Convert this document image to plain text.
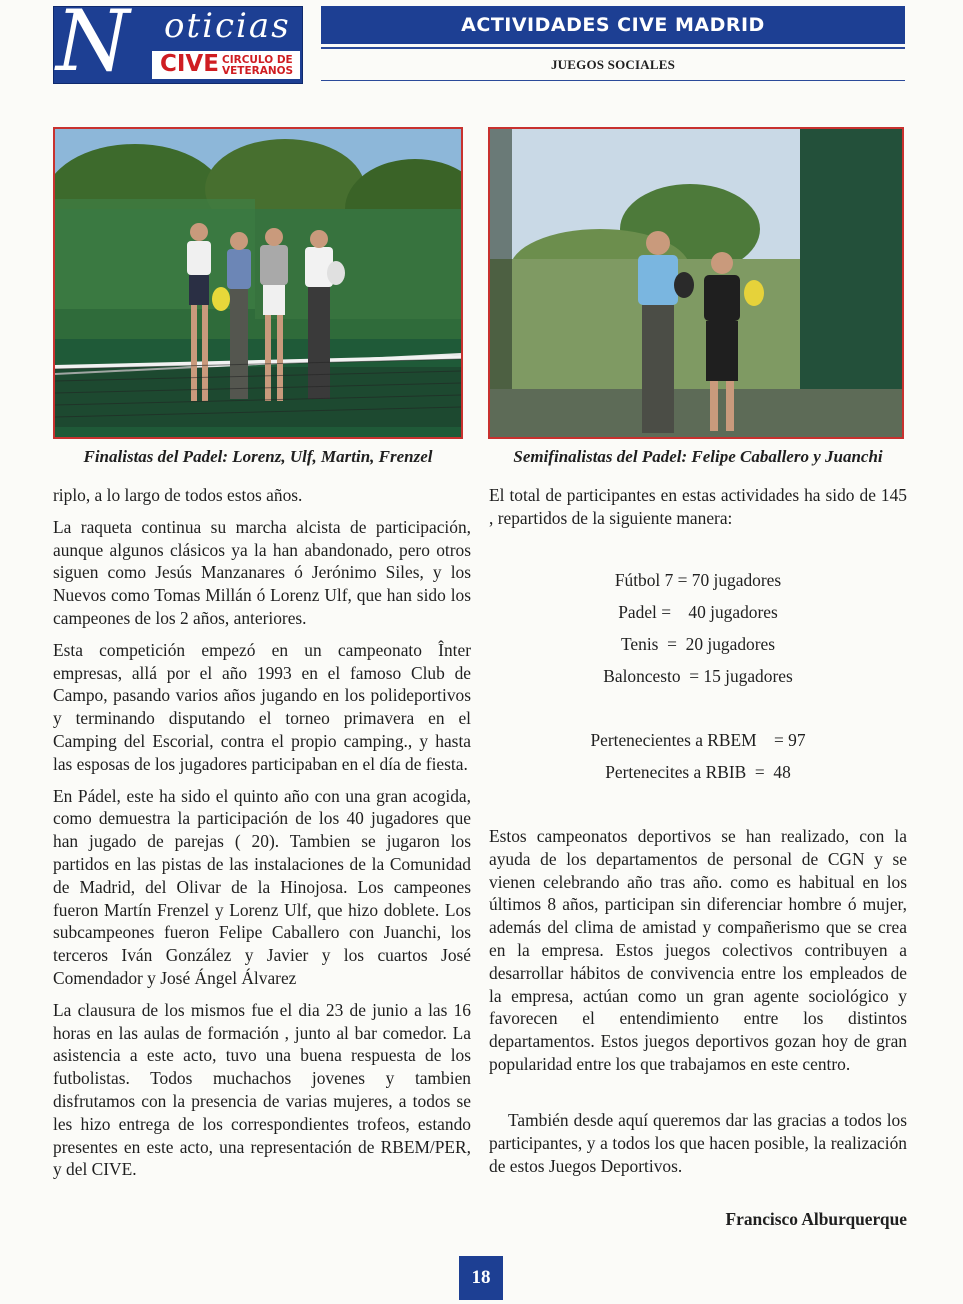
N oticias
CIVE CIRCULO DE
VETERANOS
ACTIVIDADES CIVE MADRID
JUEGOS SOCIALES
Finalistas del Padel: Lorenz, Ulf, Martin, Frenzel	Semifinalistas del Padel: Felipe Caballero y Juanchi
riplo, a lo largo de todos estos años.
La raqueta continua su marcha alcista de participación, aunque algunos clásicos ya la han abandonado, pero otros siguen como Jesús Manzanares ó Jerónimo Siles, y los Nuevos como Tomas Millán ó Lorenz Ulf, que han sido los campeones de los 2 años, anteriores.
Esta competición empezó en un campeonato Înter empresas, allá por el año 1993 en el famoso Club de Campo, pasando varios años jugando en los polideportivos y terminando disputando el torneo primavera en el Camping del Escorial, contra el propio camping., y hasta las esposas de los jugadores participaban en el día de fiesta.
En Pádel, este ha sido el quinto año con una gran acogida, como demuestra la participación de los 40 jugadores que han jugado de parejas ( 20). Tambien se jugaron los partidos en las pistas de las instalaciones de la Comunidad de Madrid, del Olivar de la Hinojosa. Los campeones fueron Martín Frenzel y Lorenz Ulf, que hizo doblete. Los subcampeones fueron Felipe Caballero con Juanchi, los terceros Iván González y Javier y los cuartos José Comendador y José Ángel Álvarez
La clausura de los mismos fue el dia 23 de junio a las 16 horas en las aulas de formación , junto al bar comedor. La asistencia a este acto, tuvo una buena respuesta de los futbolistas. Todos muchachos jovenes y tambien disfrutamos con la presencia de varias mujeres, a todos se les hizo entrega de los correspondientes trofeos, estando presentes en este acto, una representación de RBEM/PER, y del CIVE.
El total de participantes en estas actividades ha sido de 145 , repartidos de la siguiente manera:
Fútbol 7 = 70 jugadores
Padel =    40 jugadores
Tenis  =  20 jugadores
Baloncesto  = 15 jugadores
Pertenecientes a RBEM    = 97
Pertenecites a RBIB  =  48
Estos campeonatos deportivos se han realizado, con la ayuda de los departamentos de personal de CGN y se vienen celebrando año tras año. como es habitual en los últimos 8 años, participan sin diferenciar hombre ó mujer, además del clima de amistad y compañerismo que se crea en la empresa. Estos juegos colectivos contribuyen a desarrollar hábitos de convivencia entre los empleados de la empresa, actúan como un gran agente sociológico y favorecen el entendimiento entre los distintos departamentos. Estos juegos deportivos gozan hoy de gran popularidad entre los que trabajamos en este centro.
También desde aquí queremos dar las gracias a todos los participantes, y a todos los que hacen posible, la realización de estos Juegos Deportivos.
Francisco Alburquerque
18
